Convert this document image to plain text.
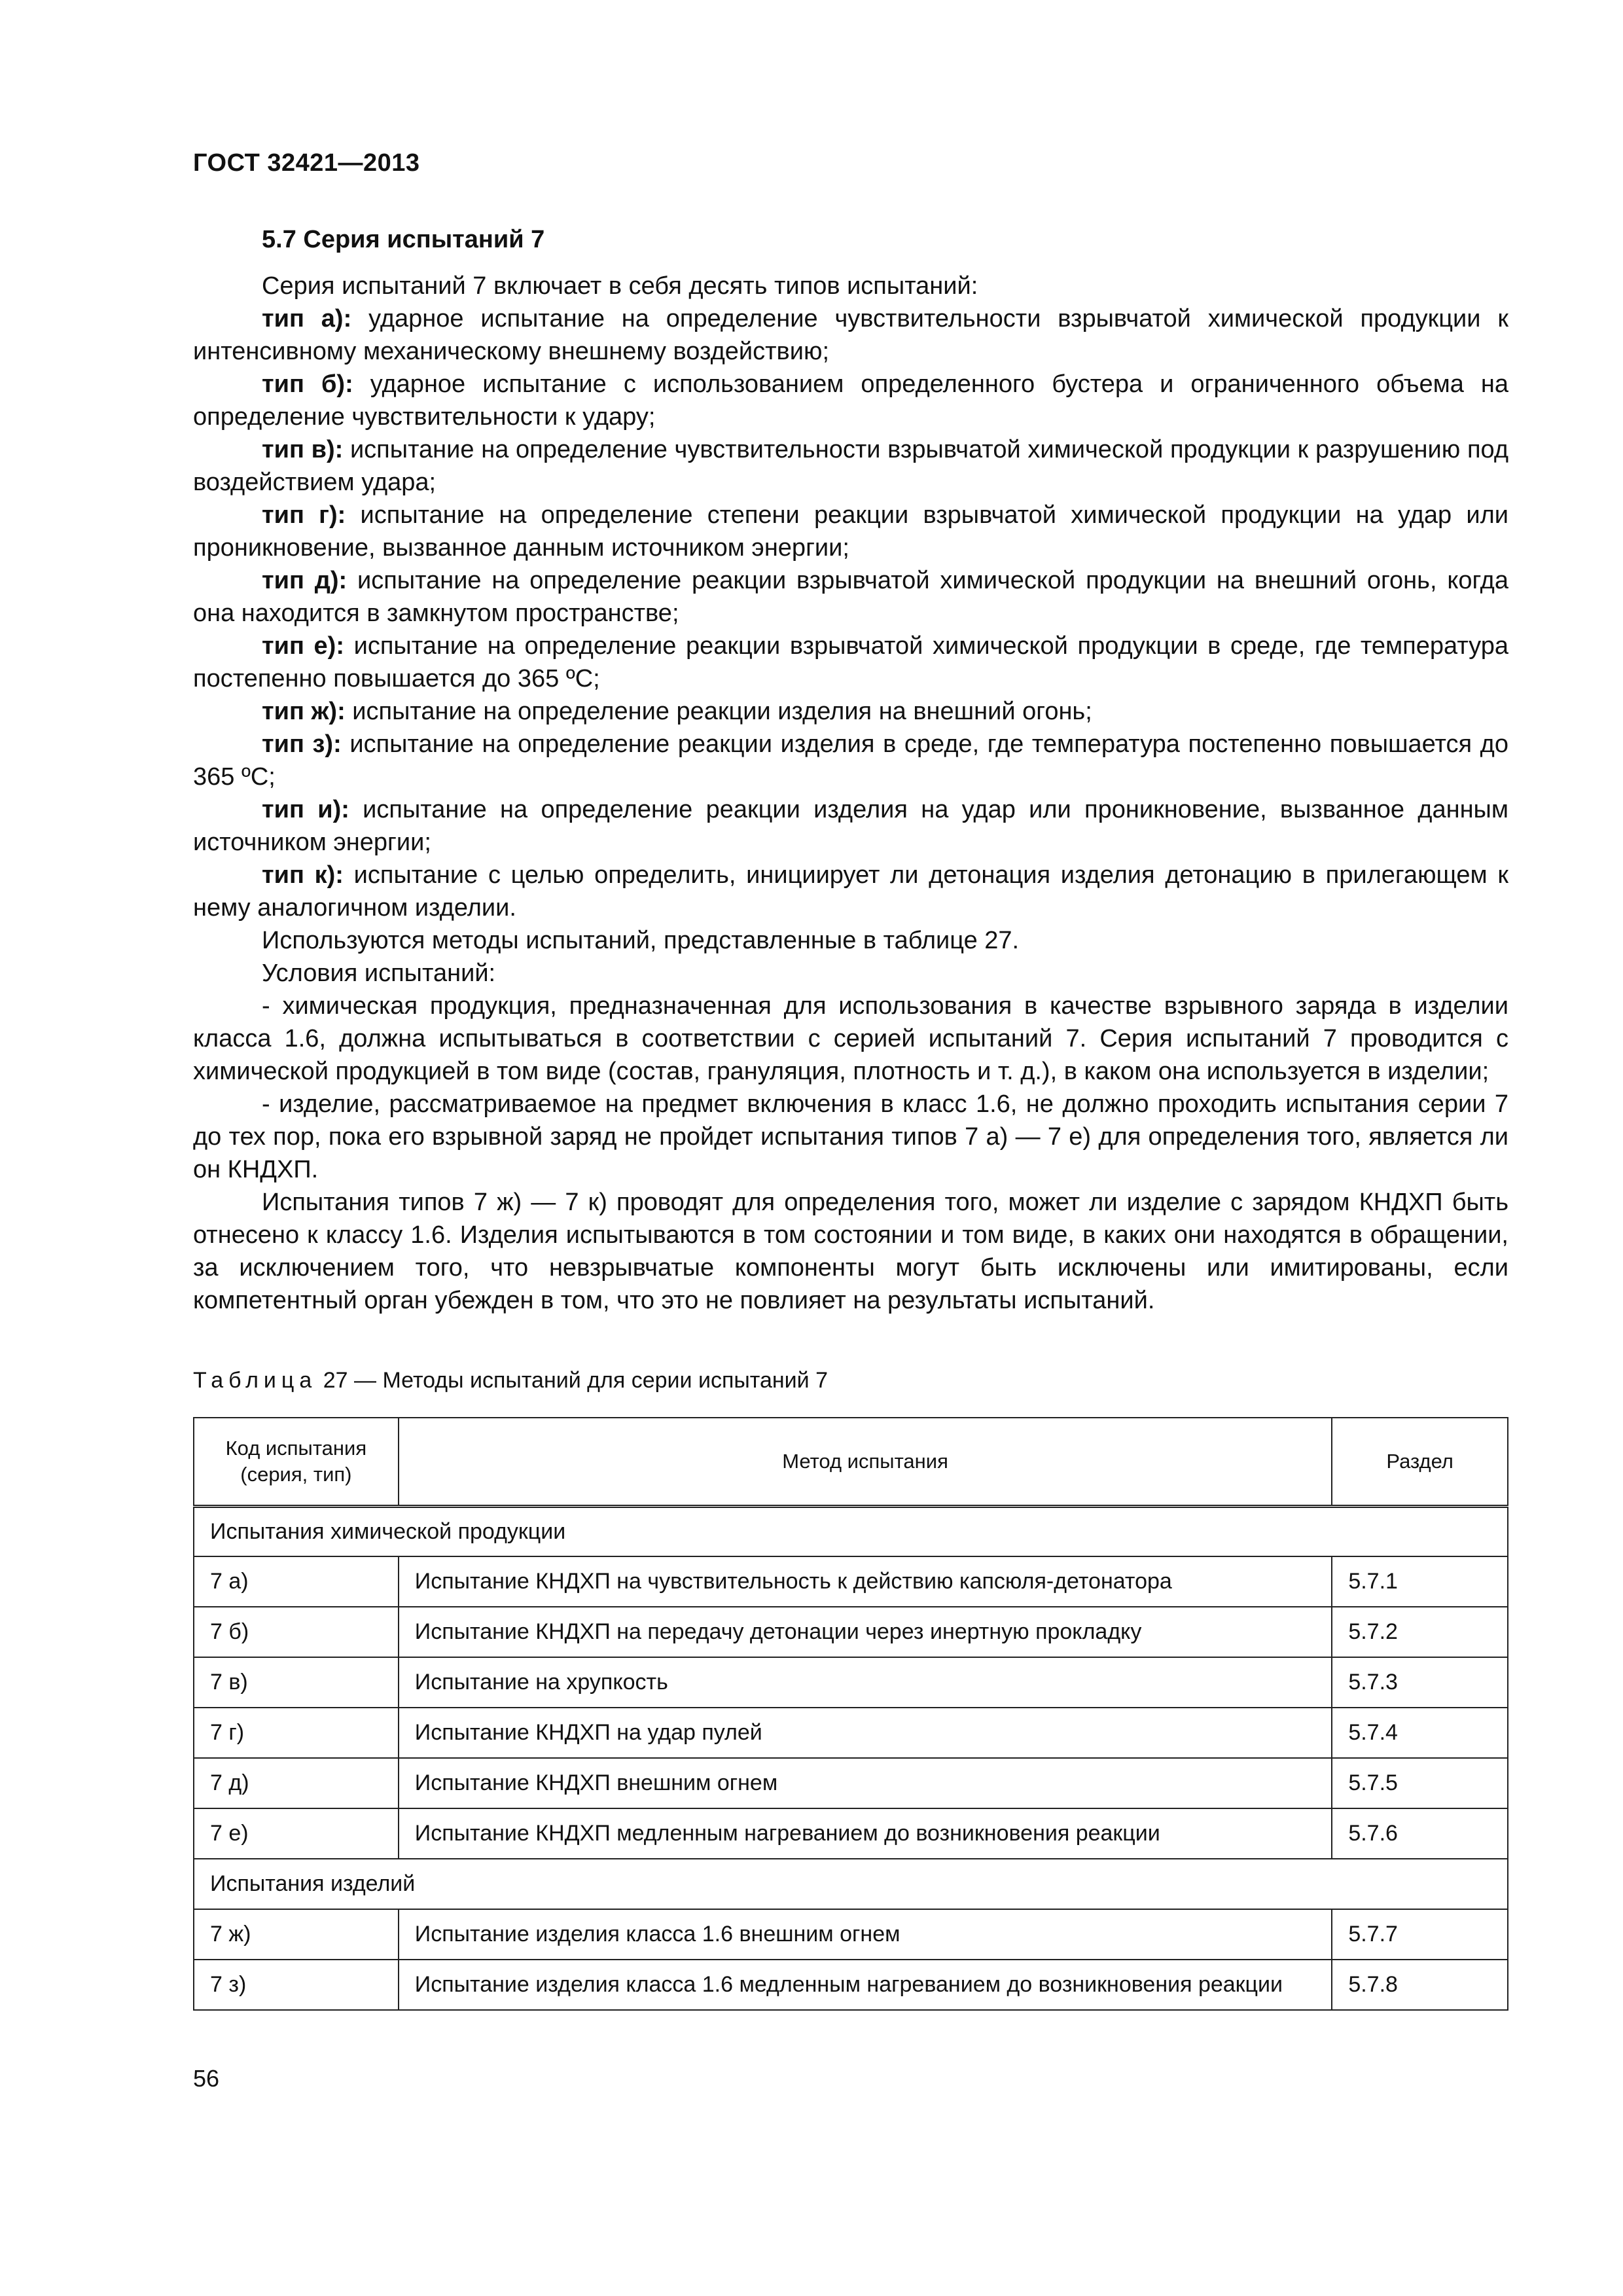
ГОСТ 32421—2013
5.7 Серия испытаний 7

Серия испытаний 7 включает в себя десять типов испытаний:

тип а): ударное испытание на определение чувствительности взрывчатой химической продукции к интенсивному механическому внешнему воздействию;

тип б): ударное испытание с использованием определенного бустера и ограниченного объема на определение чувствительности к удару;

тип в): испытание на определение чувствительности взрывчатой химической продукции к разрушению под воздействием удара;

тип г): испытание на определение степени реакции взрывчатой химической продукции на удар или проникновение, вызванное данным источником энергии;

тип д): испытание на определение реакции взрывчатой химической продукции на внешний огонь, когда она находится в замкнутом пространстве;

тип е): испытание на определение реакции взрывчатой химической продукции в среде, где температура постепенно повышается до 365 ºС;

тип ж): испытание на определение реакции изделия на внешний огонь;

тип з): испытание на определение реакции изделия в среде, где температура постепенно повышается до 365 ºС;

тип и): испытание на определение реакции изделия на удар или проникновение, вызванное данным источником энергии;

тип к): испытание с целью определить, инициирует ли детонация изделия детонацию в прилегающем к нему аналогичном изделии.

Используются методы испытаний, представленные в таблице 27.

Условия испытаний:

- химическая продукция, предназначенная для использования в качестве взрывного заряда в изделии класса 1.6, должна испытываться в соответствии с серией испытаний 7. Серия испытаний 7 проводится с химической продукцией в том виде (состав, грануляция, плотность и т. д.), в каком она используется в изделии;

- изделие, рассматриваемое на предмет включения в класс 1.6, не должно проходить испытания серии 7 до тех пор, пока его взрывной заряд не пройдет испытания типов 7 а) — 7 е) для определения того, является ли он КНДХП.

Испытания типов 7 ж) — 7 к) проводят для определения того, может ли изделие с зарядом КНДХП быть отнесено к классу 1.6. Изделия испытываются в том состоянии и том виде, в каких они находятся в обращении, за исключением того, что невзрывчатые компоненты могут быть исключены или имитированы, если компетентный орган убежден в том, что это не повлияет на результаты испытаний.

Таблица 27 — Методы испытаний для серии испытаний 7
Код испытания
(серия, тип)	Метод испытания	Раздел
Испытания химической продукции		
7 а)	Испытание КНДХП на чувствительность к действию капсюля-детонатора	5.7.1
7 б)	Испытание КНДХП на передачу детонации через инертную прокладку	5.7.2
7 в)	Испытание на хрупкость	5.7.3
7 г)	Испытание КНДХП на удар пулей	5.7.4
7 д)	Испытание КНДХП внешним огнем	5.7.5
7 е)	Испытание КНДХП медленным нагреванием до возникновения реакции	5.7.6
Испытания изделий		
7 ж)	Испытание изделия класса 1.6 внешним огнем	5.7.7
7 з)	Испытание изделия класса 1.6 медленным нагреванием до возникновения реакции	5.7.8
56
